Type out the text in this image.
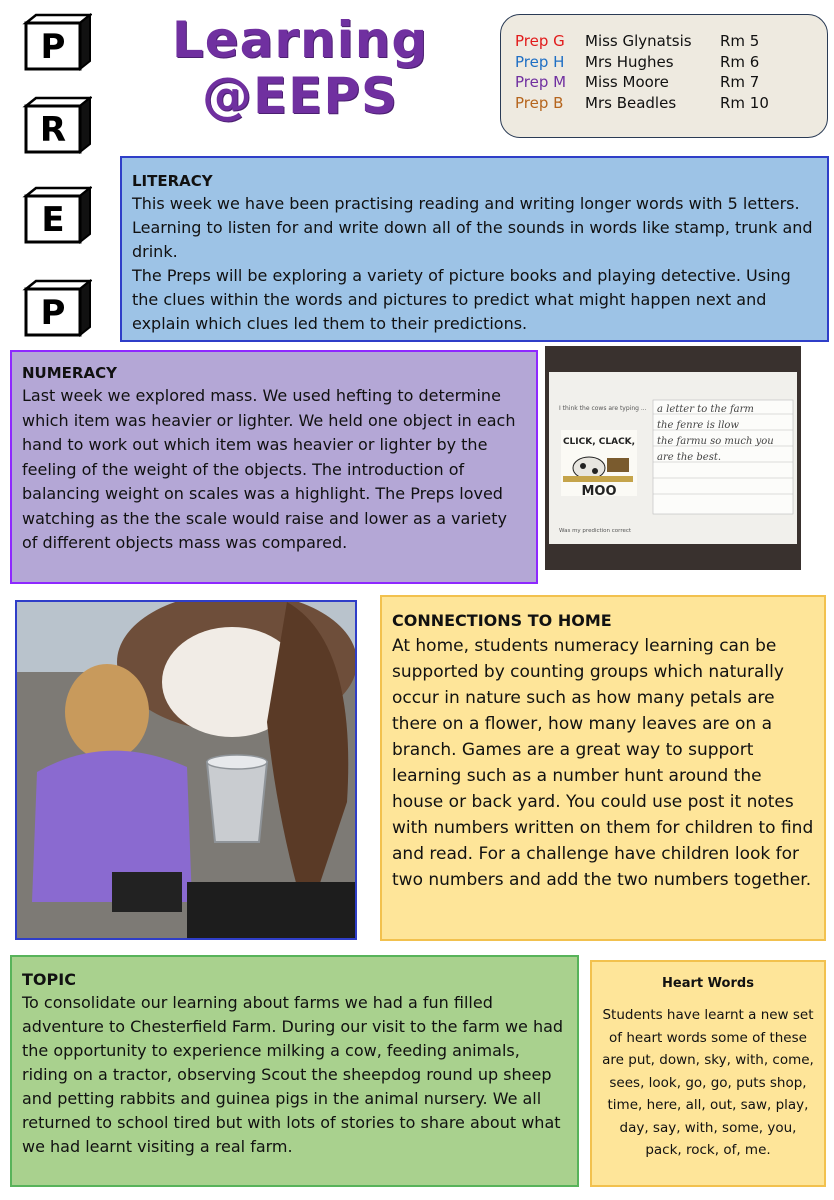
P
R
E
P
Learning
@EEPS
Prep G	Miss Glynatsis	Rm 5
Prep H	Mrs Hughes	Rm 6
Prep M	Miss Moore	Rm 7
Prep B	Mrs Beadles	Rm 10
LITERACY

This week we have been practising reading and writing longer words with 5 letters. Learning to listen for and write down all of the sounds in words like stamp, trunk and drink.

The Preps will be exploring a variety of picture books and playing detective. Using the clues within the words and pictures to predict what might happen next and explain which clues led them to their predictions.

NUMERACY

Last week we explored mass. We used hefting to determine which item was heavier or lighter. We held one object in each hand to work out which item was heavier or lighter by the feeling of the weight of the objects. The introduction of balancing weight on scales was a highlight. The Preps loved watching as the the scale would raise and lower as a variety of different objects mass was compared.

I think the cows are typing ...
CLICK, CLACK,
MOO
a letter to the farm
the fenre is llow
the farmu so much you
are the best.
Was my prediction correct
CONNECTIONS TO HOME

At home, students numeracy learning can be supported by counting groups which naturally occur in nature such as how many petals are there on a flower, how many leaves are on a branch. Games are a great way to support learning such as a number hunt around the house or back yard. You could use post it notes with numbers written on them for children to find and read. For a challenge have children look for two numbers and add the two numbers together.

TOPIC

To consolidate our learning about farms we had a fun filled adventure to Chesterfield Farm. During our visit to the farm we had the opportunity to experience milking a cow, feeding animals, riding on a tractor, observing Scout the sheepdog round up sheep and petting rabbits and guinea pigs in the animal nursery. We all returned to school tired but with lots of stories to share about what we had learnt visiting a real farm.

Heart Words

Students have learnt a new set of heart words some of these are put, down, sky, with, come, sees, look, go, go, puts shop, time, here, all, out, saw, play, day, say, with, some, you, pack, rock, of, me.
